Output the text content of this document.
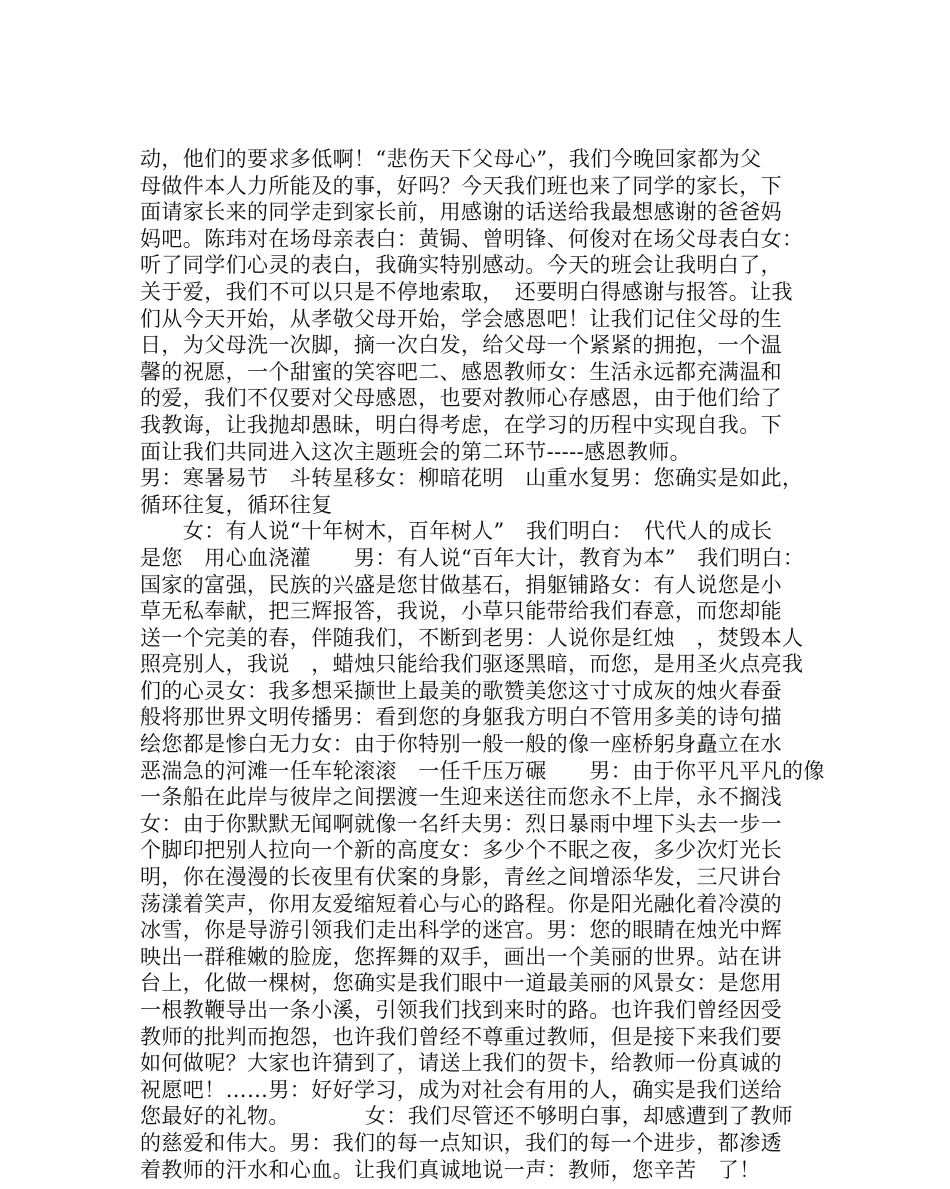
动，他们的要求多低啊！“悲伤天下父母心”，我们今晚回家都为父
母做件本人力所能及的事，好吗？今天我们班也来了同学的家长，下
面请家长来的同学走到家长前，用感谢的话送给我最想感谢的爸爸妈
妈吧。陈玮对在场母亲表白：黄锔、曾明锋、何俊对在场父母表白女：
听了同学们心灵的表白，我确实特别感动。今天的班会让我明白了，
关于爱，我们不可以只是不停地索取，　还要明白得感谢与报答。让我
们从今天开始，从孝敬父母开始，学会感恩吧！让我们记住父母的生
日，为父母洗一次脚，摘一次白发，给父母一个紧紧的拥抱，一个温
馨的祝愿，一个甜蜜的笑容吧二、感恩教师女：生活永远都充满温和
的爱，我们不仅要对父母感恩，也要对教师心存感恩，由于他们给了
我教诲，让我抛却愚昧，明白得考虑，在学习的历程中实现自我。下
面让我们共同进入这次主题班会的第二环节-----感恩教师。
男：寒暑易节　斗转星移女：柳暗花明　山重水复男：您确实是如此，
循环往复，循环往复
　　女：有人说“十年树木，百年树人”　我们明白：　代代人的成长
是您　用心血浇灌　　男：有人说“百年大计，教育为本”　我们明白：
国家的富强，民族的兴盛是您甘做基石，捐躯铺路女：有人说您是小
草无私奉献，把三辉报答，我说，小草只能带给我们春意，而您却能
送一个完美的春，伴随我们，不断到老男：人说你是红烛　，焚毁本人
照亮别人，我说　，蜡烛只能给我们驱逐黑暗，而您，是用圣火点亮我
们的心灵女：我多想采撷世上最美的歌赞美您这寸寸成灰的烛火春蚕
般将那世界文明传播男：看到您的身躯我方明白不管用多美的诗句描
绘您都是惨白无力女：由于你特别一般一般的像一座桥躬身矗立在水
恶湍急的河滩一任车轮滚滚　一任千压万碾　　男：由于你平凡平凡的像
一条船在此岸与彼岸之间摆渡一生迎来送往而您永不上岸，永不搁浅
女：由于你默默无闻啊就像一名纤夫男：烈日暴雨中埋下头去一步一
个脚印把别人拉向一个新的高度女：多少个不眠之夜，多少次灯光长
明，你在漫漫的长夜里有伏案的身影，青丝之间增添华发，三尺讲台
荡漾着笑声，你用友爱缩短着心与心的路程。你是阳光融化着冷漠的
冰雪，你是导游引领我们走出科学的迷宫。男：您的眼睛在烛光中辉
映出一群稚嫩的脸庞，您挥舞的双手，画出一个美丽的世界。站在讲
台上，化做一棵树，您确实是我们眼中一道最美丽的风景女：是您用
一根教鞭导出一条小溪，引领我们找到来时的路。也许我们曾经因受
教师的批判而抱怨，也许我们曾经不尊重过教师，但是接下来我们要
如何做呢？大家也许猜到了，请送上我们的贺卡，给教师一份真诚的
祝愿吧！……男：好好学习，成为对社会有用的人，确实是我们送给
您最好的礼物。　　　　女：我们尽管还不够明白事，却感遭到了教师
的慈爱和伟大。男：我们的每一点知识，我们的每一个进步，都渗透
着教师的汗水和心血。让我们真诚地说一声：教师，您辛苦　了！
